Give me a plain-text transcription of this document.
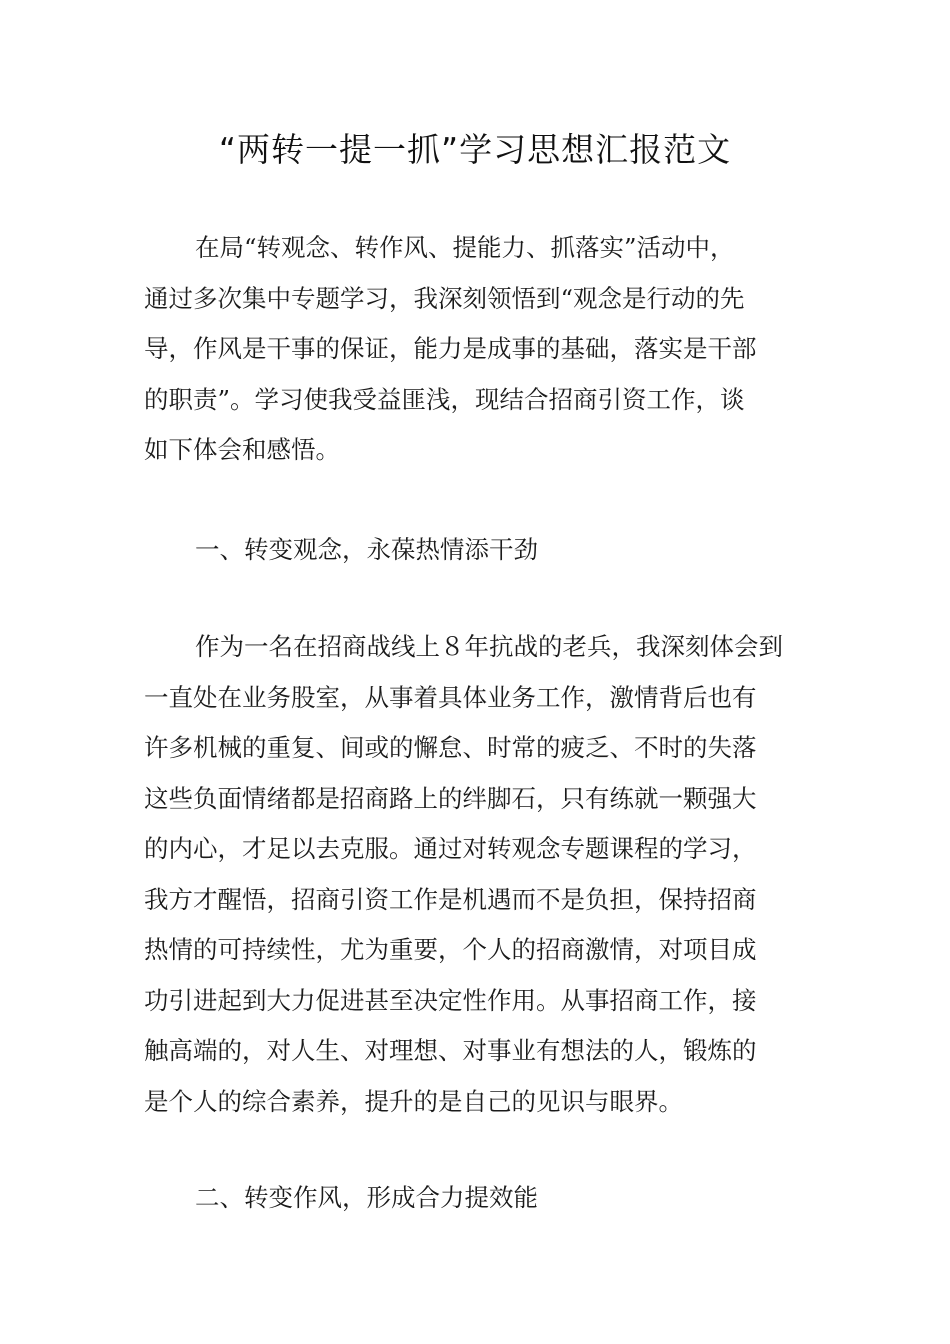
“两转一提一抓”学习思想汇报范文
在局“转观念、转作风、提能力、抓落实”活动中，
通过多次集中专题学习，我深刻领悟到“观念是行动的先
导，作风是干事的保证，能力是成事的基础，落实是干部
的职责”。学习使我受益匪浅，现结合招商引资工作，谈
如下体会和感悟。
一、转变观念，永葆热情添干劲
作为一名在招商战线上８年抗战的老兵，我深刻体会到
一直处在业务股室，从事着具体业务工作，激情背后也有
许多机械的重复、间或的懈怠、时常的疲乏、不时的失落
这些负面情绪都是招商路上的绊脚石，只有练就一颗强大
的内心，才足以去克服。通过对转观念专题课程的学习，
我方才醒悟，招商引资工作是机遇而不是负担，保持招商
热情的可持续性，尤为重要，个人的招商激情，对项目成
功引进起到大力促进甚至决定性作用。从事招商工作，接
触高端的，对人生、对理想、对事业有想法的人，锻炼的
是个人的综合素养，提升的是自己的见识与眼界。
二、转变作风，形成合力提效能
